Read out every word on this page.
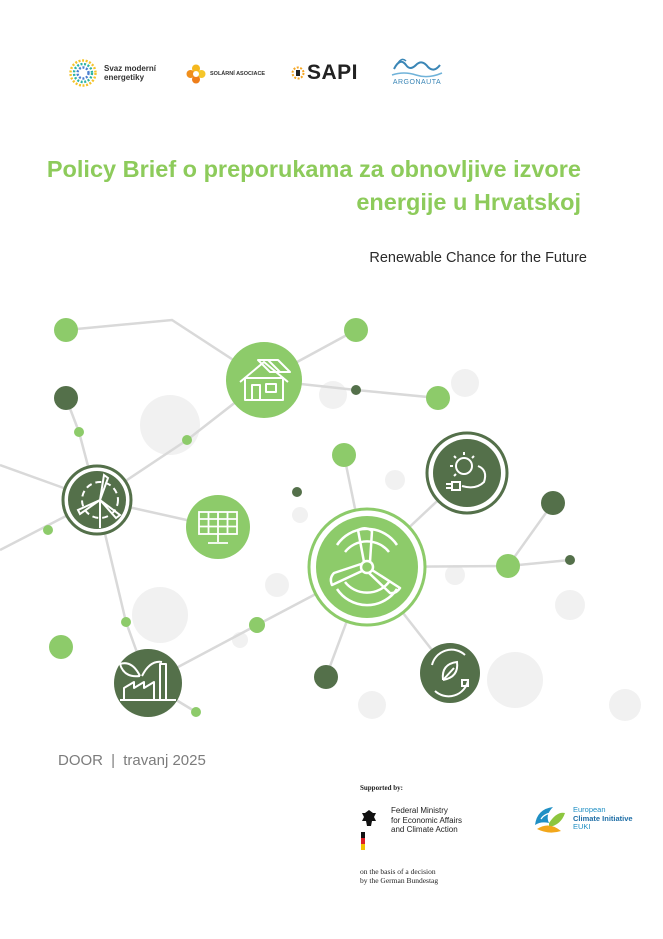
Svaz moderní
energetiky	SOLÁRNÍ ASOCIACE SAPI	ARGONAUTA
Policy Brief o preporukama za obnovljive izvore
energije u Hrvatskoj
Renewable Chance for the Future
DOOR | travanj 2025
Supported by:
Federal Ministry
for Economic Affairs
and Climate Action
on the basis of a decision
by the German Bundestag
European
Climate Initiative
EUKI
